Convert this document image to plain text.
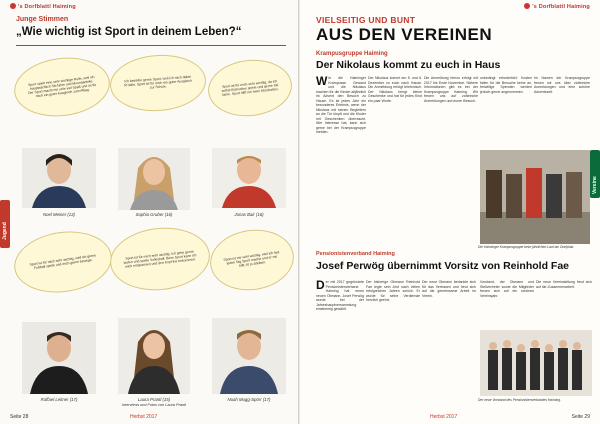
's Dorfblattl Haiming
Junge Stimmen
„Wie wichtig ist Sport in deinem Leben?“
Sport spielt eine sehr wichtige Rolle, weil ich hauptsächlich Ski fahre und Mountainbike. Der Sport macht mir sehr viel Spaß und ist für mich ein guter Ausgleich zum Alltag.
Ich betreibe gerne Sport, weil ich mich dabei fit halte. Sport ist für mich ein guter Ausgleich zur Schule.	Sport ist für mich sehr wichtig, da ich selbst Eishockey spiele und gerne Ski fahre. Sport hilft mir beim Abschalten.
Sport ist für mich sehr wichtig, weil ich gerne Fußball spiele und mich gerne bewege.
Sport ist für mich sehr wichtig. Ich gehe gerne laufen und spiele Volleyball. Beim Sport kann ich mich entspannen und den Kopf frei bekommen.
Sport ist mir sehr wichtig, weil ich fast jeden Tag Sport mache und er mir hilft, fit zu bleiben.
Noel Meiner (13)	Sophia Gruber (16)	Jonas Bair (16)
Raffael Leitner (17)	Laura Prantl (15)	Noah Mugg-Spörr (17)
Interviews und Fotos von Laura Prantl
Jugend
Seite 28	Herbst 2017
's Dorfblattl Haiming
VIELSEITIG UND BUNT
AUS DEN VEREINEN
Krampusgruppe Haiming
Der Nikolaus kommt zu euch in Haus
Wie die Haiminger Krampusse Gewand und die Nikolaus machen für die Kinder alljährlich im Advent den Besuch zu Hause. Es ist jedes Jahr ein besonderes Erlebnis, wenn der Nikolaus mit seinen Begleitern an die Tür klopft und die Kinder mit Geschenken überrascht. Wer Interesse hat, kann sich gerne bei der Krampusgruppe melden.
Der Nikolaus kommt am 5. und 6. Dezember zu euch nach Hause. Die Anmeldung erfolgt telefonisch. Der Nikolaus bringt kleine Geschenke und hat für jedes Kind ein paar Worte.
Die Anmeldung hierzu erfolgt mit 2017 bis Ende November. Nähere Informationen gibt es bei der Krampusgruppe Haiming. Wir freuen uns auf zahlreiche Anmeldungen und euren Besuch.
unbedingt erforderlich! Kosten fallen für die Besuche keine an, freiwillige Spenden werden jedoch gerne angenommen.
Im Namen der Krampusgruppe freuen wir uns über zahlreiche Anmeldungen und eine schöne Adventszeit.
Die Haiminger Krampusgruppe beim jährlichen Lauf am Dorfplatz.
Pensionistenverband Haiming
Josef Perwög übernimmt Vorsitz von Reinhold Fae
Der mit 2017 gegründete Pensionistenverband Haiming hat einen neuen Obmann. Josef Perwög wurde bei der Jahreshauptversammlung einstimmig gewählt.
Der bisherige Obmann Reinhold Fae legte sein Amt nach vielen erfolgreichen Jahren zurück. Er wurde für seine Verdienste herzlich geehrt.
Der neue Obmann bedankte sich für das Vertrauen und freut sich auf die gemeinsame Arbeit im Verein.
Vorstand, der Obmann und Stellvertreter sowie die Mitglieder freuen sich auf ein schönes Vereinsjahr.
Die neue Vereinsleitung freut sich auf die Zusammenarbeit.
Der neue Vorstand des Pensionistenverbandes Haiming.
Vereine
Herbst 2017	Seite 29
